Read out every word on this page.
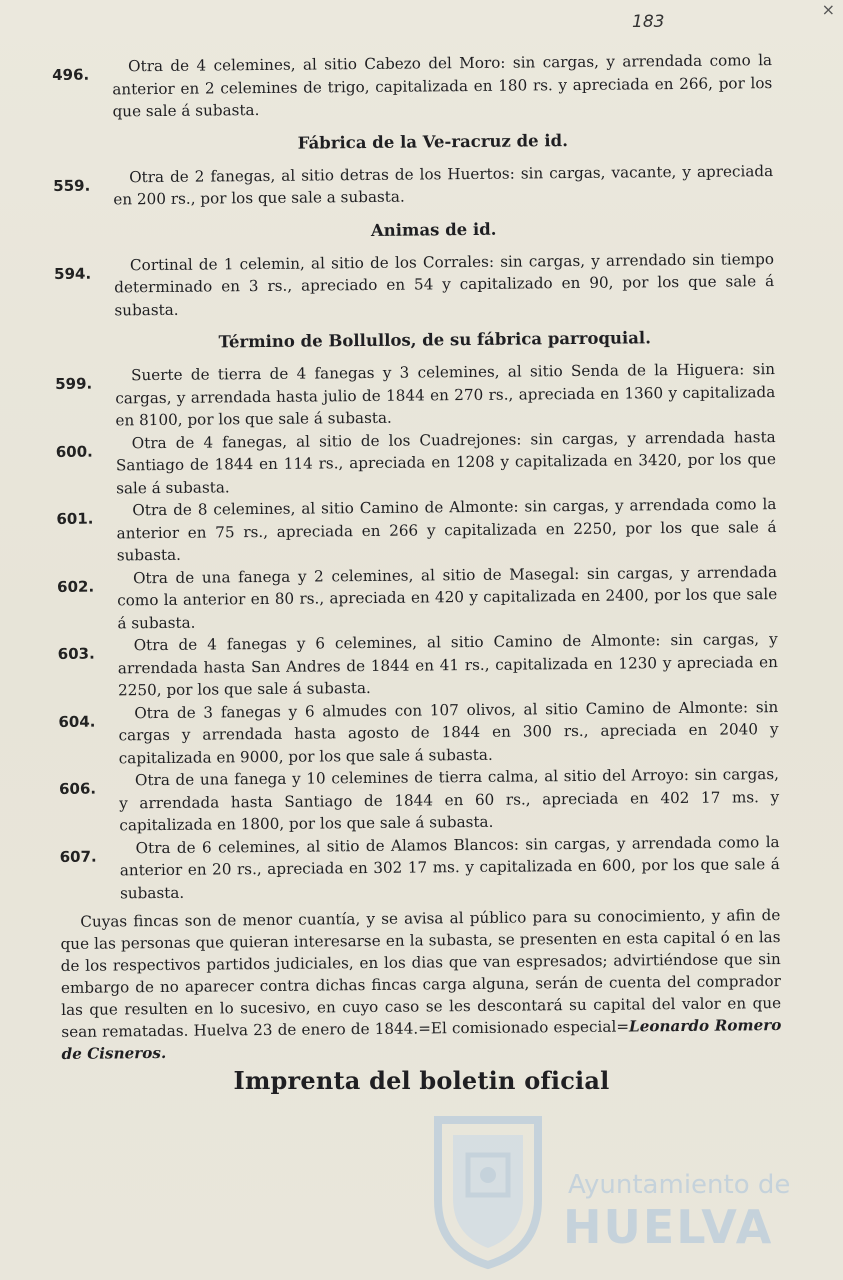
×
183
496.	Otra de 4 celemines, al sitio Cabezo del Moro: sin cargas, y arrendada como la anterior en 2 celemines de trigo, capitalizada en 180 rs. y apreciada en 266, por los que sale á subasta.
Fábrica de la Ve-racruz de id.
559.	Otra de 2 fanegas, al sitio detras de los Huertos: sin cargas, vacante, y apreciada en 200 rs., por los que sale a subasta.
Animas de id.
594.	Cortinal de 1 celemin, al sitio de los Corrales: sin cargas, y arrendado sin tiempo determinado en 3 rs., apreciado en 54 y capitalizado en 90, por los que sale á subasta.
Término de Bollullos, de su fábrica parroquial.
599.	Suerte de tierra de 4 fanegas y 3 celemines, al sitio Senda de la Higuera: sin cargas, y arrendada hasta julio de 1844 en 270 rs., apreciada en 1360 y capitalizada en 8100, por los que sale á subasta.
600.	Otra de 4 fanegas, al sitio de los Cuadrejones: sin cargas, y arrendada hasta Santiago de 1844 en 114 rs., apreciada en 1208 y capitalizada en 3420, por los que sale á subasta.
601.	Otra de 8 celemines, al sitio Camino de Almonte: sin cargas, y arrendada como la anterior en 75 rs., apreciada en 266 y capitalizada en 2250, por los que sale á subasta.
602.	Otra de una fanega y 2 celemines, al sitio de Masegal: sin cargas, y arrendada como la anterior en 80 rs., apreciada en 420 y capitalizada en 2400, por los que sale á subasta.
603.	Otra de 4 fanegas y 6 celemines, al sitio Camino de Almonte: sin cargas, y arrendada hasta San Andres de 1844 en 41 rs., capitalizada en 1230 y apreciada en 2250, por los que sale á subasta.
604.	Otra de 3 fanegas y 6 almudes con 107 olivos, al sitio Camino de Almonte: sin cargas y arrendada hasta agosto de 1844 en 300 rs., apreciada en 2040 y capitalizada en 9000, por los que sale á subasta.
606.	Otra de una fanega y 10 celemines de tierra calma, al sitio del Arroyo: sin cargas, y arrendada hasta Santiago de 1844 en 60 rs., apreciada en 402 17 ms. y capitalizada en 1800, por los que sale á subasta.
607.	Otra de 6 celemines, al sitio de Alamos Blancos: sin cargas, y arrendada como la anterior en 20 rs., apreciada en 302 17 ms. y capitalizada en 600, por los que sale á subasta.

Cuyas fincas son de menor cuantía, y se avisa al público para su conocimiento, y afin de que las personas que quieran interesarse en la subasta, se presenten en esta capital ó en las de los respectivos partidos judiciales, en los dias que van espresados; advirtiéndose que sin embargo de no aparecer contra dichas fincas carga alguna, serán de cuenta del comprador las que resulten en lo sucesivo, en cuyo caso se les descontará su capital del valor en que sean rematadas. Huelva 23 de enero de 1844.=El comisionado especial=Leonardo Romero de Cisneros.

Imprenta del boletin oficial
Ayuntamiento de
HUELVA
